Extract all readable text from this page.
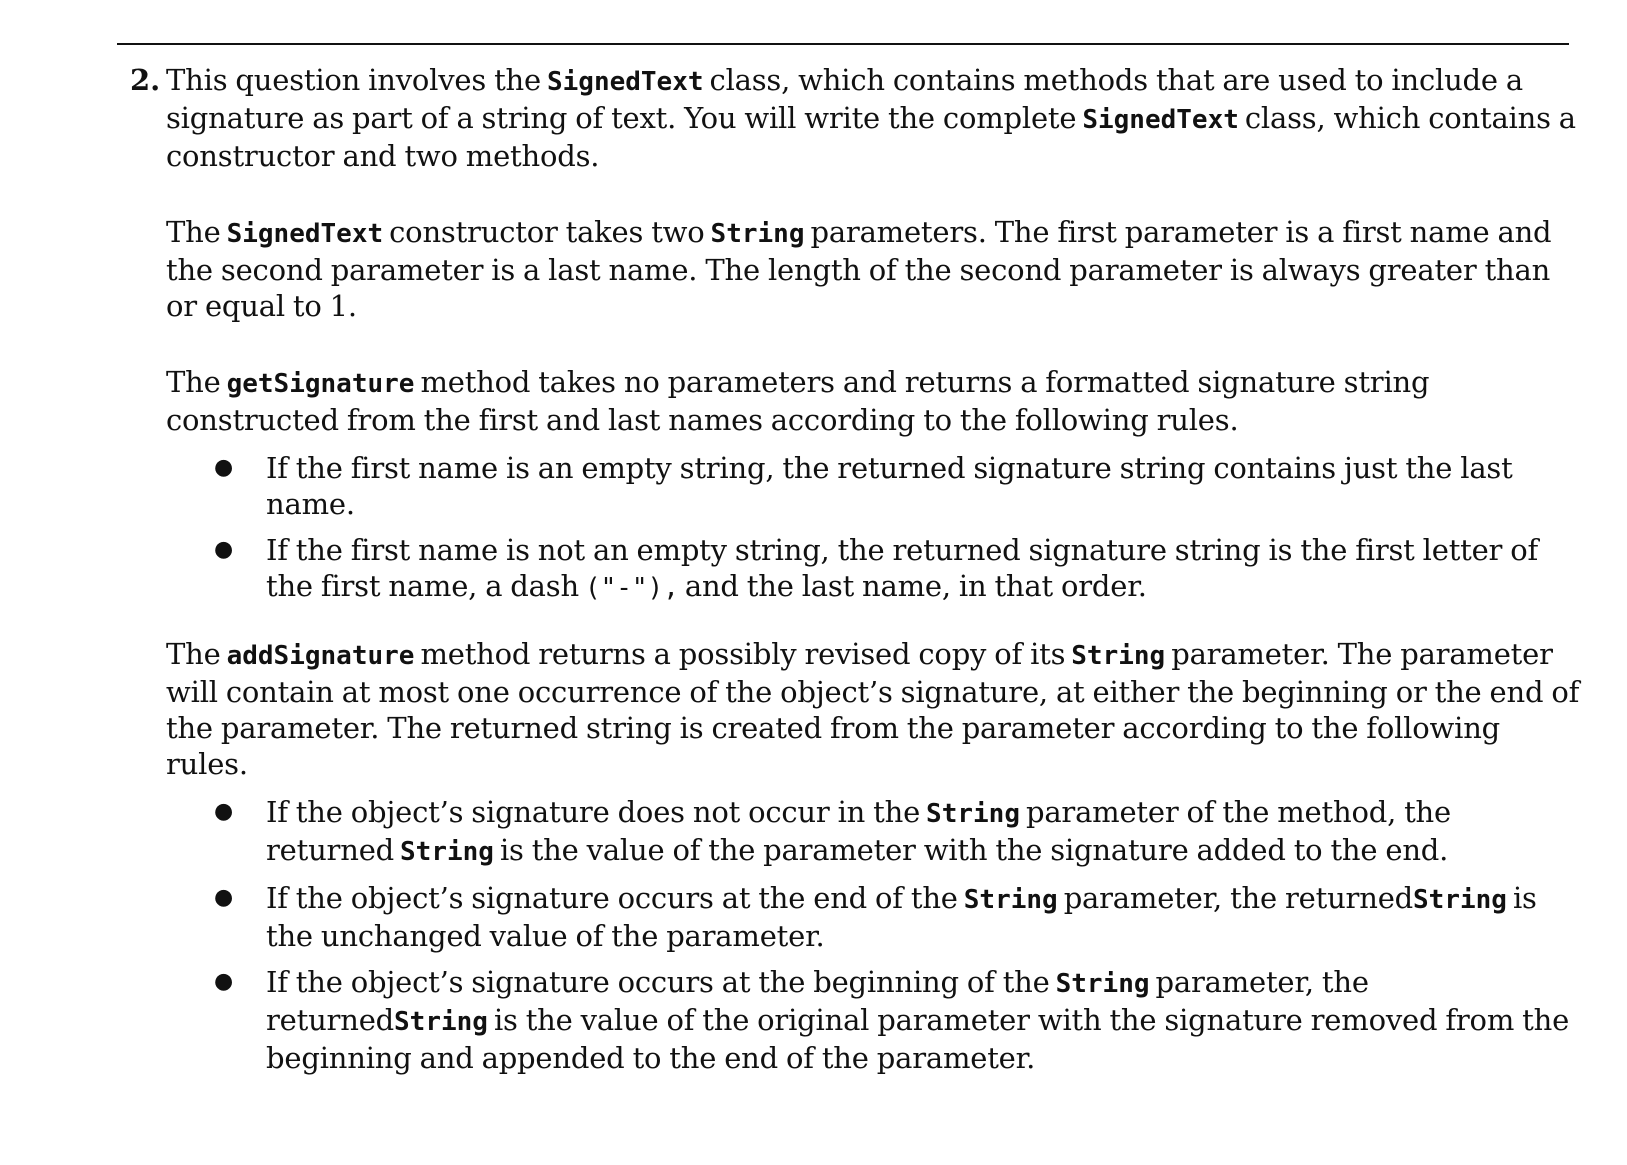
2. This question involves the SignedText class, which contains methods that are used to include a signature as part of a string of text. You will write the complete SignedText class, which contains a constructor and two methods.

The SignedText constructor takes two String parameters. The first parameter is a first name and the second parameter is a last name. The length of the second parameter is always greater than or equal to 1.

The getSignature method takes no parameters and returns a formatted signature string constructed from the first and last names according to the following rules.

● If the first name is an empty string, the returned signature string contains just the last name.
● If the first name is not an empty string, the returned signature string is the first letter of the first name, a dash ("-"), and the last name, in that order.

The addSignature method returns a possibly revised copy of its String parameter. The parameter will contain at most one occurrence of the object’s signature, at either the beginning or the end of the parameter. The returned string is created from the parameter according to the following rules.

● If the object’s signature does not occur in the String parameter of the method, the returned String is the value of the parameter with the signature added to the end.
● If the object’s signature occurs at the end of the String parameter, the returnedString is the unchanged value of the parameter.
● If the object’s signature occurs at the beginning of the String parameter, the returnedString is the value of the original parameter with the signature removed from the beginning and appended to the end of the parameter.
